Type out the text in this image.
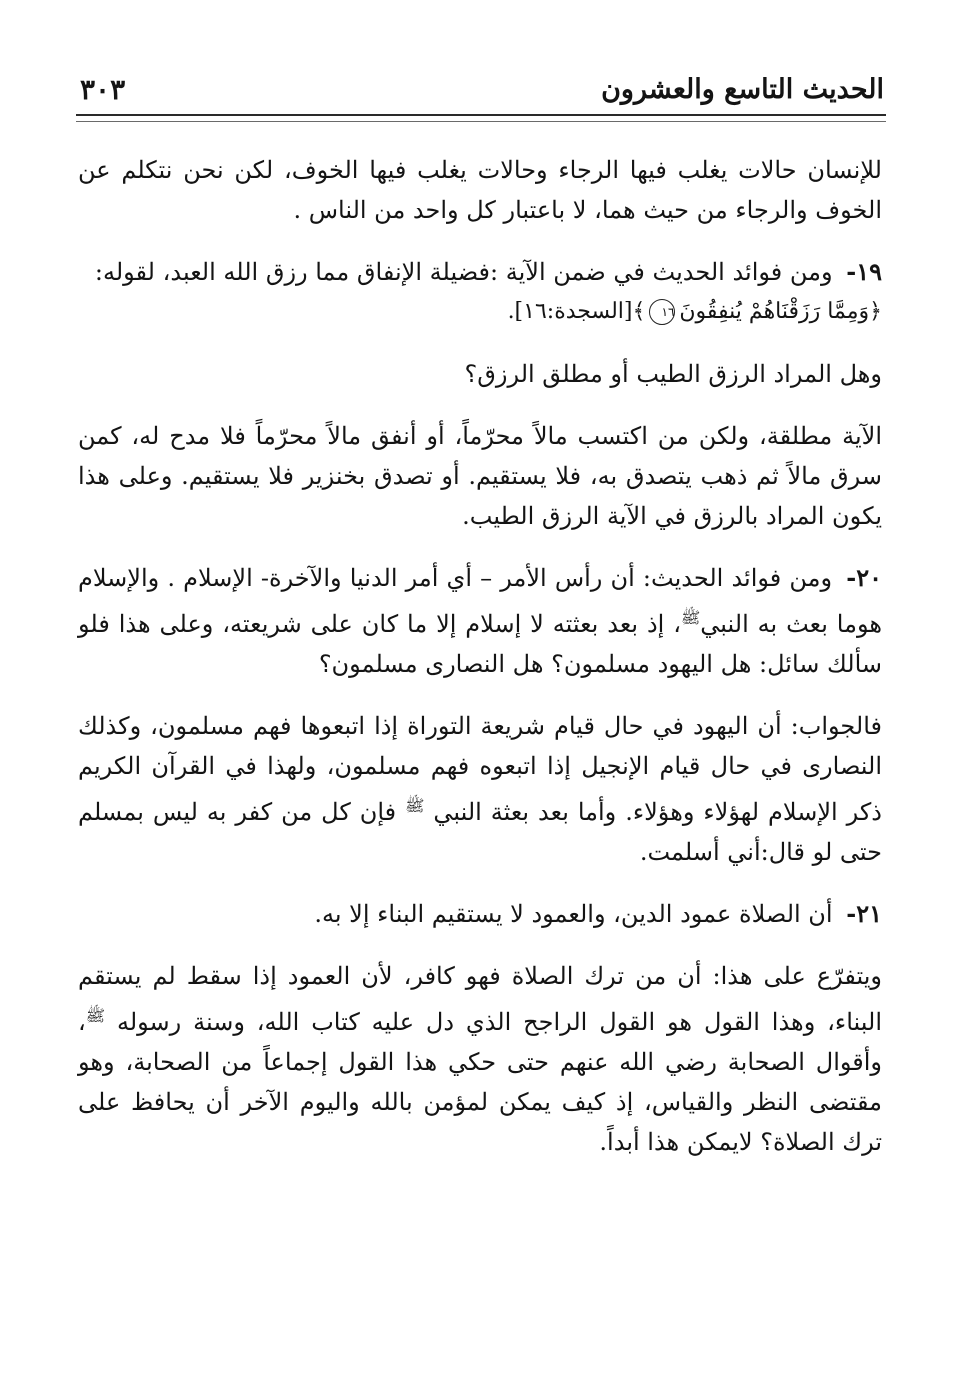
الحديث التاسع والعشرون
٣٠٣

للإنسان حالات يغلب فيها الرجاء وحالات يغلب فيها الخوف، لكن نحن نتكلم عن الخوف والرجاء من حيث هما، لا باعتبار كل واحد من الناس .

١٩- ومن فوائد الحديث في ضمن الآية :فضيلة الإنفاق مما رزق الله العبد، لقوله:
﴿وَمِمَّا رَزَقْنَاهُمْ يُنفِقُونَ١٦﴾[السجدة:١٦].

وهل المراد الرزق الطيب أو مطلق الرزق؟

الآية مطلقة، ولكن من اكتسب مالاً محرّماً، أو أنفق مالاً محرّماً فلا مدح له، كمن سرق مالاً ثم ذهب يتصدق به، فلا يستقيم. أو تصدق بخنزير فلا يستقيم. وعلى هذا يكون المراد بالرزق في الآية الرزق الطيب.

٢٠- ومن فوائد الحديث: أن رأس الأمر – أي أمر الدنيا والآخرة- الإسلام . والإسلام هوما بعث به النبي$^ﷺ$، إذ بعد بعثته لا إسلام إلا ما كان على شريعته، وعلى هذا فلو سألك سائل: هل اليهود مسلمون؟ هل النصارى مسلمون؟

فالجواب: أن اليهود في حال قيام شريعة التوراة إذا اتبعوها فهم مسلمون، وكذلك النصارى في حال قيام الإنجيل إذا اتبعوه فهم مسلمون، ولهذا في القرآن الكريم ذكر الإسلام لهؤلاء وهؤلاء. وأما بعد بعثة النبي $^ﷺ$ فإن كل من كفر به ليس بمسلم حتى لو قال:أني أسلمت.

٢١- أن الصلاة عمود الدين، والعمود لا يستقيم البناء إلا به.

ويتفرّع على هذا: أن من ترك الصلاة فهو كافر، لأن العمود إذا سقط لم يستقم البناء، وهذا القول هو القول الراجح الذي دل عليه كتاب الله، وسنة رسوله $^ﷺ$، وأقوال الصحابة رضي الله عنهم حتى حكي هذا القول إجماعاً من الصحابة، وهو مقتضى النظر والقياس، إذ كيف يمكن لمؤمن بالله واليوم الآخر أن يحافظ على ترك الصلاة؟ لايمكن هذا أبداً.
